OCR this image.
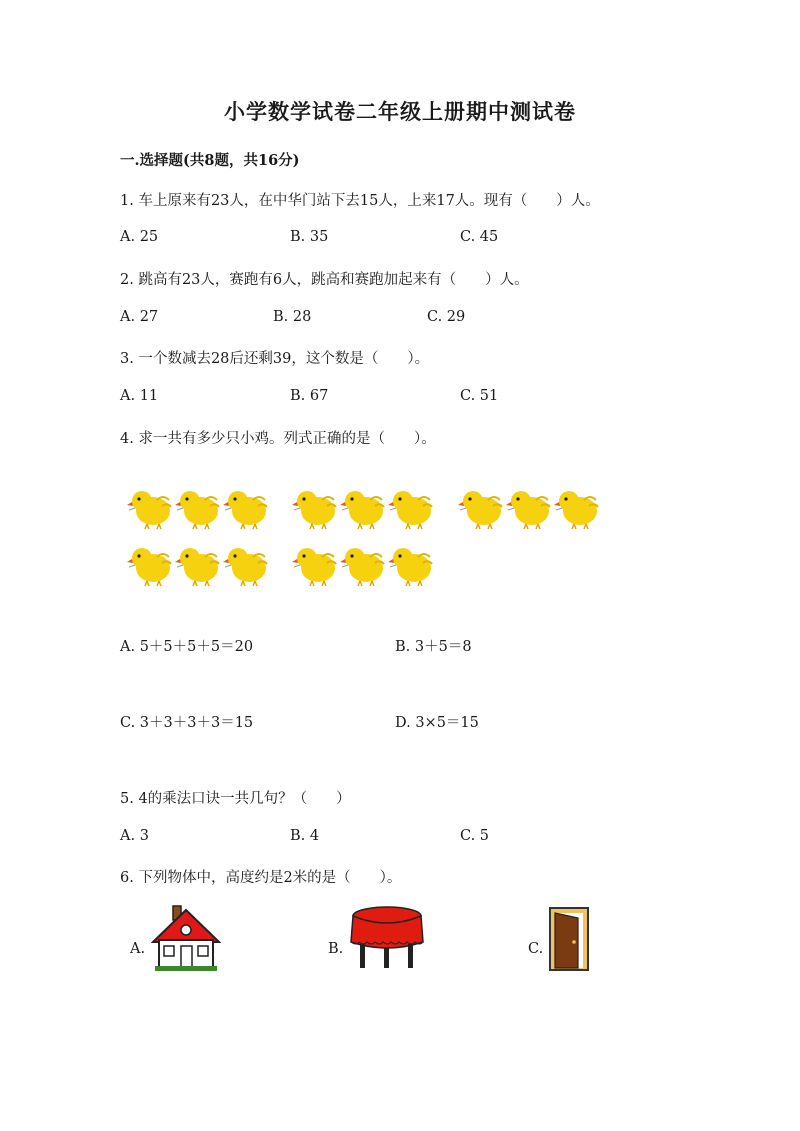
小学数学试卷二年级上册期中测试卷
一.选择题(共8题，共16分)
1. 车上原来有23人，在中华门站下去15人，上来17人。现有（　　）人。
A. 25	B. 35	C. 45
2. 跳高有23人，赛跑有6人，跳高和赛跑加起来有（　　）人。
A. 27	B. 28	C. 29
3. 一个数减去28后还剩39，这个数是（　　）。
A. 11	B. 67	C. 51
4. 求一共有多少只小鸡。列式正确的是（　　）。
A. 5＋5＋5＋5＝20	B. 3＋5＝8
C. 3＋3＋3＋3＝15	D. 3×5＝15
5. 4的乘法口诀一共几句？（　　）
A. 3	B. 4	C. 5
6. 下列物体中，高度约是2米的是（　　）。
A.	B.	C.
